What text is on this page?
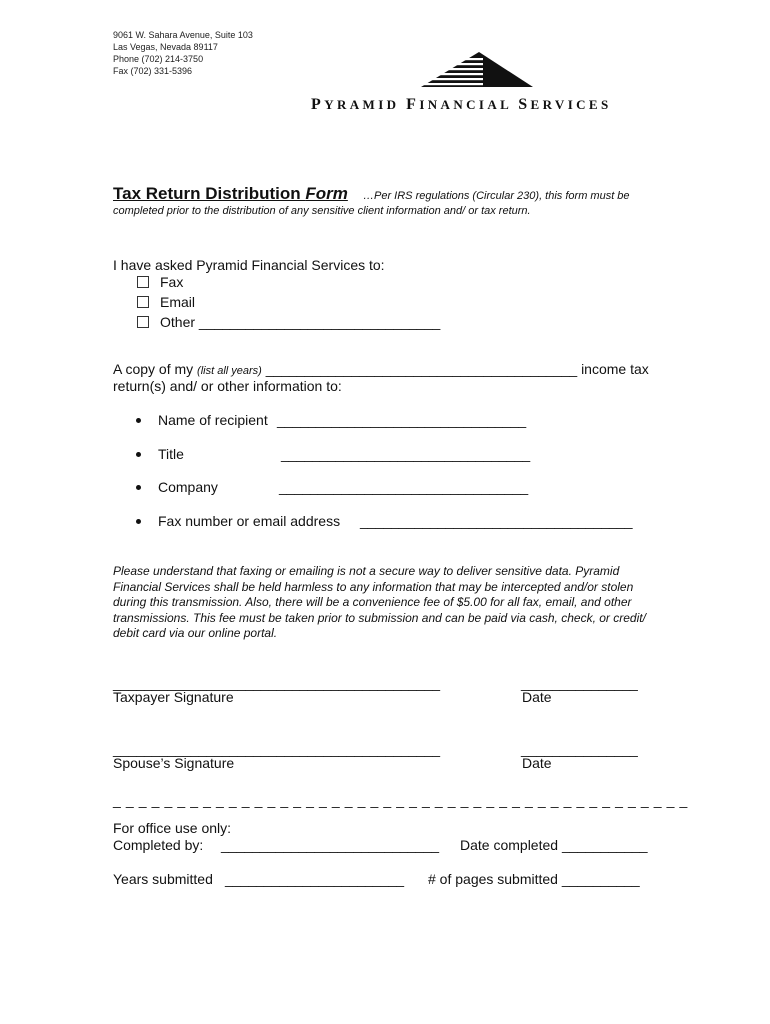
9061 W. Sahara Avenue, Suite 103
Las Vegas, Nevada 89117
Phone (702) 214-3750
Fax (702) 331-5396
PYRAMID FINANCIAL SERVICES
Tax Return Distribution Form …Per IRS regulations (Circular 230), this form must be
completed prior to the distribution of any sensitive client information and/ or tax return.
I have asked Pyramid Financial Services to:
Fax
Email
Other _______________________________
A copy of my (list all years) ________________________________________ income tax
return(s) and/ or other information to:
Name of recipient ________________________________
Title	________________________________
Company	________________________________
Fax number or email address ___________________________________
Please understand that faxing or emailing is not a secure way to deliver sensitive data. Pyramid Financial Services shall be held harmless to any information that may be intercepted and/or stolen during this transmission. Also, there will be a convenience fee of $5.00 for all fax, email, and other transmissions. This fee must be taken prior to submission and can be paid via cash, check, or credit/ debit card via our online portal.
__________________________________________	_______________
Taxpayer Signature	Date
__________________________________________	_______________
Spouse’s Signature	Date
_ _ _ _ _ _ _ _ _ _ _ _ _ _ _ _ _ _ _ _ _ _ _ _ _ _ _ _ _ _ _ _ _ _ _ _ _ _ _ _ _ _ _ _ _
For office use only:
Completed by: ____________________________ Date completed ___________
Years submitted _______________________ # of pages submitted __________
